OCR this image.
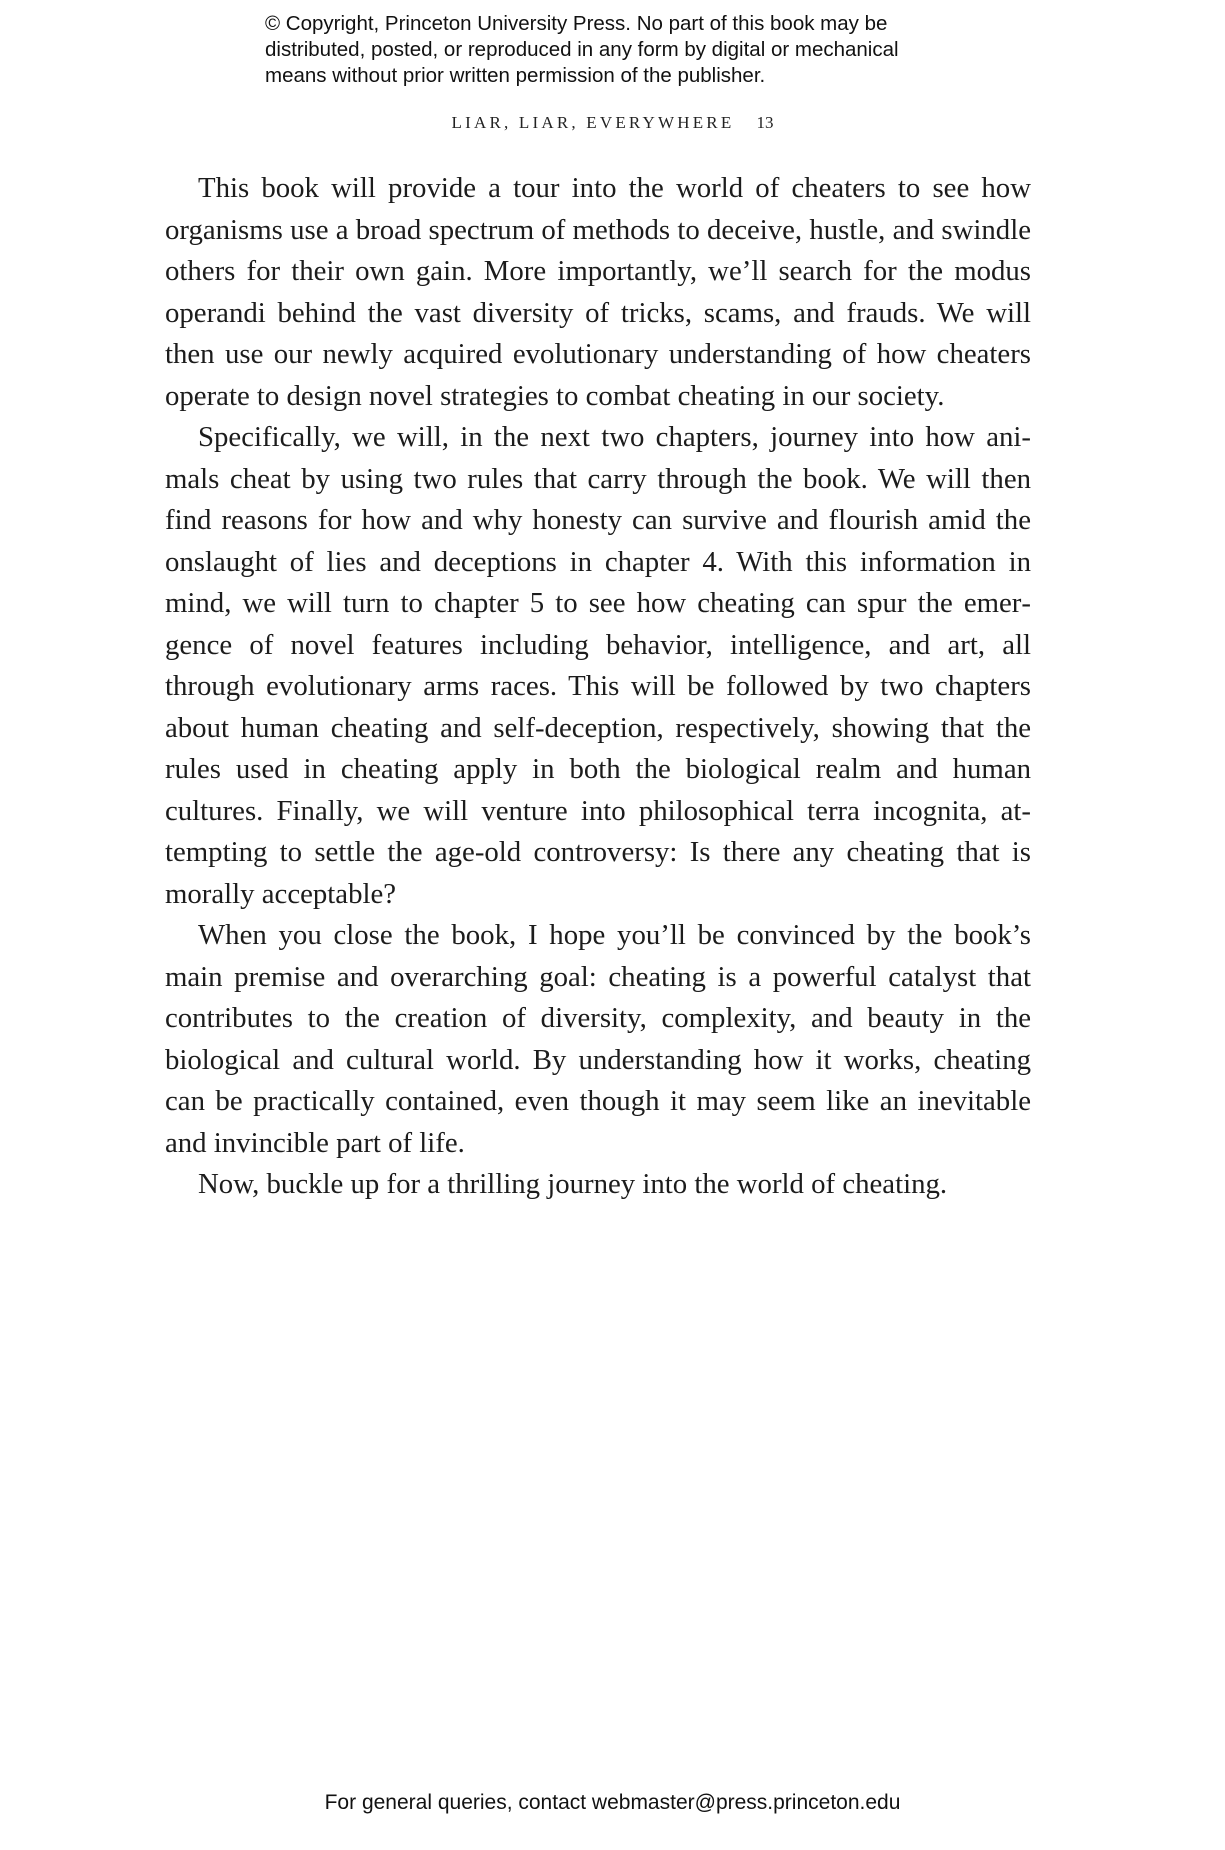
© Copyright, Princeton University Press. No part of this book may be
distributed, posted, or reproduced in any form by digital or mechanical
means without prior written permission of the publisher.
LIAR, LIAR, EVERYWHERE 13

This book will provide a tour into the world of cheaters to see how organisms use a broad spectrum of methods to deceive, hustle, and swindle others for their own gain. More importantly, we’ll search for the modus operandi behind the vast diversity of tricks, scams, and frauds. We will then use our newly acquired evolutionary understanding of how cheaters operate to design novel strategies to combat cheating in our society.

Specifically, we will, in the next two chapters, journey into how animals cheat by using two rules that carry through the book. We will then find reasons for how and why honesty can survive and flourish amid the onslaught of lies and deceptions in chapter 4. With this information in mind, we will turn to chapter 5 to see how cheating can spur the emergence of novel features including behavior, intelligence, and art, all through evolutionary arms races. This will be followed by two chapters about human cheating and self-deception, respectively, showing that the rules used in cheating apply in both the biological realm and human cultures. Finally, we will venture into philosophical terra incognita, attempting to settle the age-old controversy: Is there any cheating that is morally acceptable?

When you close the book, I hope you’ll be convinced by the book’s main premise and overarching goal: cheating is a powerful catalyst that contributes to the creation of diversity, complexity, and beauty in the biological and cultural world. By understanding how it works, cheating can be practically contained, even though it may seem like an inevitable and invincible part of life.

Now, buckle up for a thrilling journey into the world of cheating.

For general queries, contact webmaster@press.princeton.edu
